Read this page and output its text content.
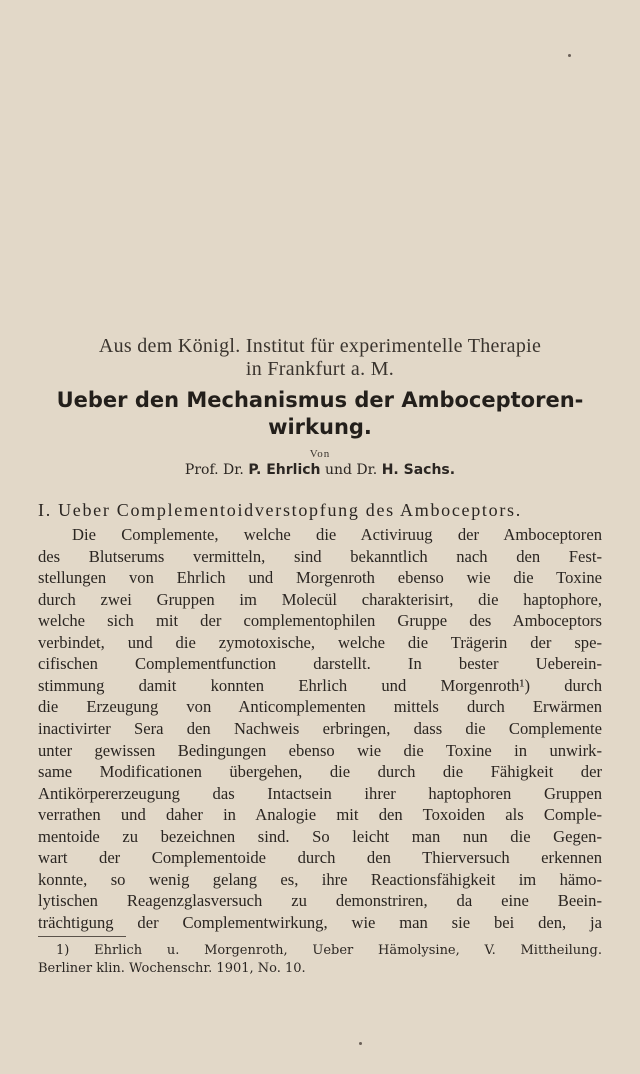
Aus dem Königl. Institut für experimentelle Therapie
in Frankfurt a. M.
Ueber den Mechanismus der Amboceptoren-
wirkung.
Von
Prof. Dr. P. Ehrlich und Dr. H. Sachs.
I. Ueber Complementoidverstopfung des Amboceptors.
Die Complemente, welche die Activiruug der Amboceptoren
des Blutserums vermitteln, sind bekanntlich nach den Fest-
stellungen von Ehrlich und Morgenroth ebenso wie die Toxine
durch zwei Gruppen im Molecül charakterisirt, die haptophore,
welche sich mit der complementophilen Gruppe des Amboceptors
verbindet, und die zymotoxische, welche die Trägerin der spe-
cifischen Complementfunction darstellt. In bester Ueberein-
stimmung damit konnten Ehrlich und Morgenroth¹) durch
die Erzeugung von Anticomplementen mittels durch Erwärmen
inactivirter Sera den Nachweis erbringen, dass die Complemente
unter gewissen Bedingungen ebenso wie die Toxine in unwirk-
same Modificationen übergehen, die durch die Fähigkeit der
Antikörpererzeugung das Intactsein ihrer haptophoren Gruppen
verrathen und daher in Analogie mit den Toxoiden als Comple-
mentoide zu bezeichnen sind. So leicht man nun die Gegen-
wart der Complementoide durch den Thierversuch erkennen
konnte, so wenig gelang es, ihre Reactionsfähigkeit im hämo-
lytischen Reagenzglasversuch zu demonstriren, da eine Beein-
trächtigung der Complementwirkung, wie man sie bei den, ja
1) Ehrlich u. Morgenroth, Ueber Hämolysine, V. Mittheilung.
Berliner klin. Wochenschr. 1901, No. 10.
